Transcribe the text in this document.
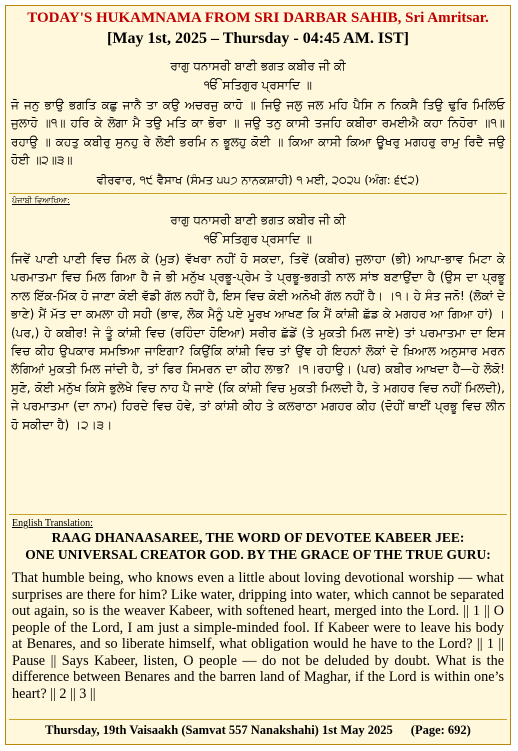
TODAY'S HUKAMNAMA FROM SRI DARBAR SAHIB, Sri Amritsar.
[May 1st, 2025 – Thursday - 04:45 AM. IST]
ਰਾਗੁ ਧਨਾਸਰੀ ਬਾਣੀ ਭਗਤ ਕਬੀਰ ਜੀ ਕੀ
ੴ ਸਤਿਗੁਰ ਪ੍ਰਸਾਦਿ ॥
ਜੋ ਜਨੁ ਭਾਉ ਭਗਤਿ ਕਛੁ ਜਾਨੈ ਤਾ ਕਉ ਅਚਰਜੁ ਕਾਹੋ ॥ ਜਿਉ ਜਲੁ ਜਲ ਮਹਿ ਪੈਸਿ ਨ ਨਿਕਸੈ ਤਿਉ ਢੁਰਿ ਮਿਲਿਓ ਜੁਲਾਹੋ ॥੧॥ ਹਰਿ ਕੇ ਲੋਗਾ ਮੈ ਤਉ ਮਤਿ ਕਾ ਭੋਰਾ ॥ ਜਉ ਤਨੁ ਕਾਸੀ ਤਜਹਿ ਕਬੀਰਾ ਰਮਈਐ ਕਹਾ ਨਿਹੋਰਾ ॥੧॥ ਰਹਾਉ ॥ ਕਹਤੁ ਕਬੀਰੁ ਸੁਨਹੁ ਰੇ ਲੋਈ ਭਰਮਿ ਨ ਭੂਲਹੁ ਕੋਈ ॥ ਕਿਆ ਕਾਸੀ ਕਿਆ ਊਖਰੁ ਮਗਹਰੁ ਰਾਮੁ ਰਿਦੈ ਜਉ ਹੋਈ ॥੨॥੩॥
ਵੀਰਵਾਰ, ੧੯ ਵੈਸਾਖ (ਸੰਮਤ ੫੫੭ ਨਾਨਕਸ਼ਾਹੀ) ੧ ਮਈ, ੨੦੨੫ (ਅੰਗ: ੬੯੨)
ਪੰਜਾਬੀ ਵਿਆਖਿਆ:
ਰਾਗੁ ਧਨਾਸਰੀ ਬਾਣੀ ਭਗਤ ਕਬੀਰ ਜੀ ਕੀ
ੴ ਸਤਿਗੁਰ ਪ੍ਰਸਾਦਿ ॥
ਜਿਵੇਂ ਪਾਣੀ ਪਾਣੀ ਵਿਚ ਮਿਲ ਕੇ (ਮੁੜ) ਵੱਖਰਾ ਨਹੀਂ ਹੋ ਸਕਦਾ, ਤਿਵੇਂ (ਕਬੀਰ) ਜੁਲਾਹਾ (ਭੀ) ਆਪਾ-ਭਾਵ ਮਿਟਾ ਕੇ ਪਰਮਾਤਮਾ ਵਿਚ ਮਿਲ ਗਿਆ ਹੈ ਜੋ ਭੀ ਮਨੁੱਖ ਪ੍ਰਭੂ-ਪ੍ਰੇਮ ਤੇ ਪ੍ਰਭੂ-ਭਗਤੀ ਨਾਲ ਸਾਂਝ ਬਣਾਉਂਦਾ ਹੈ (ਉਸ ਦਾ ਪ੍ਰਭੂ ਨਾਲ ਇੱਕ-ਮਿੱਕ ਹੋ ਜਾਣਾ ਕੋਈ ਵੱਡੀ ਗੱਲ ਨਹੀਂ ਹੈ, ਇਸ ਵਿਚ ਕੋਈ ਅਨੋਖੀ ਗੱਲ ਨਹੀਂ ਹੈ। ।੧। ਹੇ ਸੰਤ ਜਨੋ! (ਲੋਕਾਂ ਦੇ ਭਾਣੇ) ਮੈਂ ਮੱਤ ਦਾ ਕਮਲਾ ਹੀ ਸਹੀ (ਭਾਵ, ਲੋਕ ਮੈਨੂੰ ਪਏ ਮੂਰਖ ਆਖਣ ਕਿ ਮੈਂ ਕਾਂਸ਼ੀ ਛੱਡ ਕੇ ਮਗਹਰ ਆ ਗਿਆ ਹਾਂ) । (ਪਰ,) ਹੇ ਕਬੀਰ! ਜੇ ਤੂੰ ਕਾਂਸ਼ੀ ਵਿਚ (ਰਹਿੰਦਾ ਹੋਇਆ) ਸਰੀਰ ਛੱਡੇਂ (ਤੇ ਮੁਕਤੀ ਮਿਲ ਜਾਏ) ਤਾਂ ਪਰਮਾਤਮਾ ਦਾ ਇਸ ਵਿਚ ਕੀਹ ਉਪਕਾਰ ਸਮਝਿਆ ਜਾਇਗਾ? ਕਿਉਂਕਿ ਕਾਂਸ਼ੀ ਵਿਚ ਤਾਂ ਉਂਞ ਹੀ ਇਹਨਾਂ ਲੋਕਾਂ ਦੇ ਖ਼ਿਆਲ ਅਨੁਸਾਰ ਮਰਨ ਲੱਗਿਆਂ ਮੁਕਤੀ ਮਿਲ ਜਾਂਦੀ ਹੈ, ਤਾਂ ਫਿਰ ਸਿਮਰਨ ਦਾ ਕੀਹ ਲਾਭ? ।੧।ਰਹਾਉ। (ਪਰ) ਕਬੀਰ ਆਖਦਾ ਹੈ—ਹੇ ਲੋਕੋ! ਸੁਣੋ, ਕੋਈ ਮਨੁੱਖ ਕਿਸੇ ਭੁਲੇਖੇ ਵਿਚ ਨਾਹ ਪੈ ਜਾਏ (ਕਿ ਕਾਂਸ਼ੀ ਵਿਚ ਮੁਕਤੀ ਮਿਲਦੀ ਹੈ, ਤੇ ਮਗਹਰ ਵਿਚ ਨਹੀਂ ਮਿਲਦੀ), ਜੇ ਪਰਮਾਤਮਾ (ਦਾ ਨਾਮ) ਹਿਰਦੇ ਵਿਚ ਹੋਵੇ, ਤਾਂ ਕਾਂਸ਼ੀ ਕੀਹ ਤੇ ਕਲਰਾਠਾ ਮਗਹਰ ਕੀਹ (ਦੋਹੀਂ ਥਾਈਂ ਪ੍ਰਭੂ ਵਿਚ ਲੀਨ ਹੋ ਸਕੀਦਾ ਹੈ) ।੨।੩।
English Translation:
RAAG DHANAASAREE, THE WORD OF DEVOTEE KABEER JEE:
ONE UNIVERSAL CREATOR GOD. BY THE GRACE OF THE TRUE GURU:
That humble being, who knows even a little about loving devotional worship — what surprises are there for him? Like water, dripping into water, which cannot be separated out again, so is the weaver Kabeer, with softened heart, merged into the Lord. || 1 || O people of the Lord, I am just a simple-minded fool. If Kabeer were to leave his body at Benares, and so liberate himself, what obligation would he have to the Lord? || 1 || Pause || Says Kabeer, listen, O people — do not be deluded by doubt. What is the difference between Benares and the barren land of Maghar, if the Lord is within one’s heart? || 2 || 3 ||
Thursday, 19th Vaisaakh (Samvat 557 Nanakshahi) 1st May 2025 (Page: 692)
